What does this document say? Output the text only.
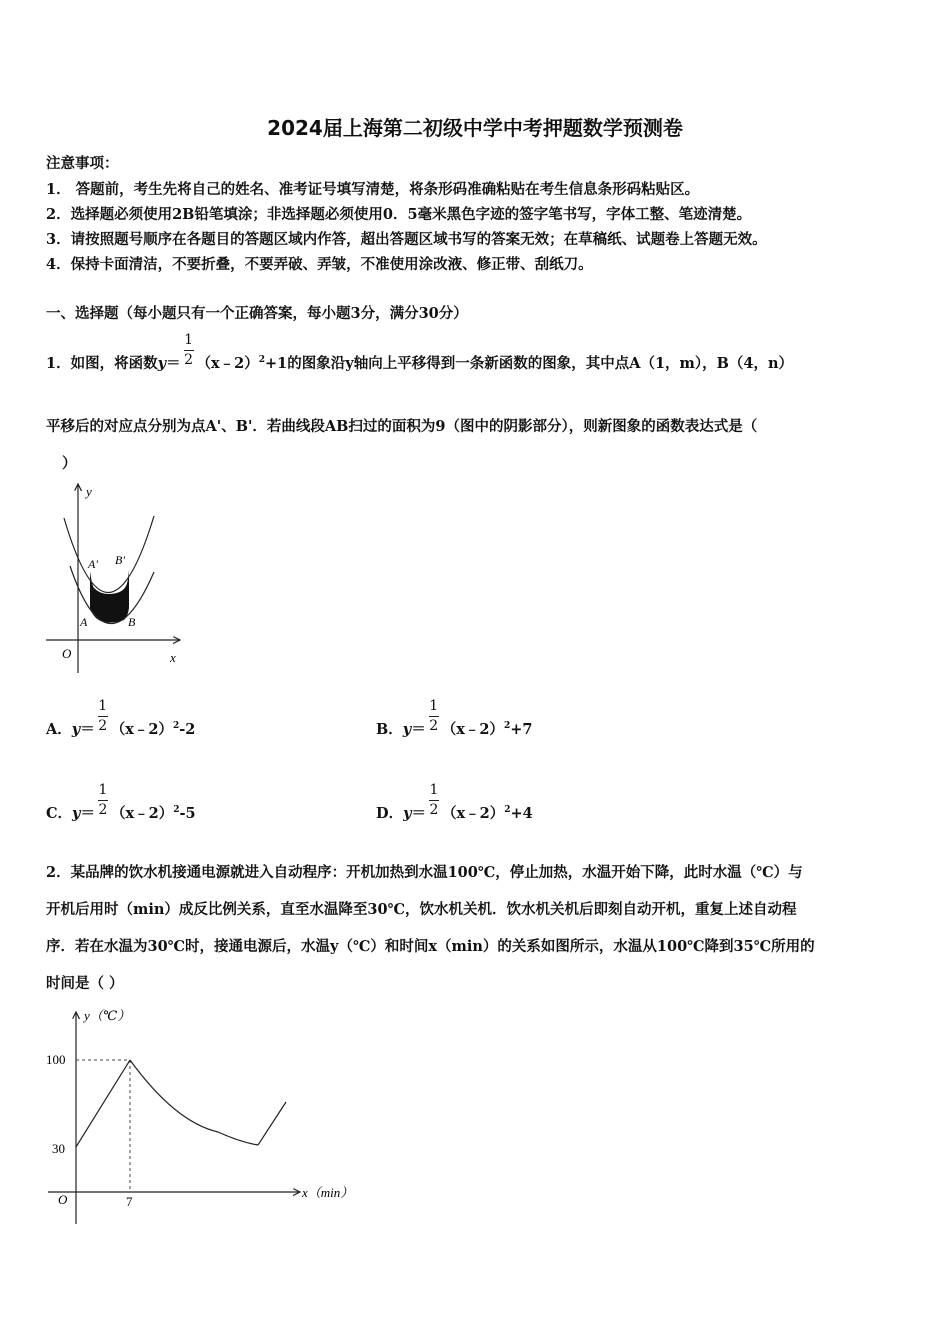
2024届上海第二初级中学中考押题数学预测卷
注意事项：
1． 答题前，考生先将自己的姓名、准考证号填写清楚，将条形码准确粘贴在考生信息条形码粘贴区。
2．选择题必须使用2B铅笔填涂；非选择题必须使用0．5毫米黑色字迹的签字笔书写，字体工整、笔迹清楚。
3．请按照题号顺序在各题目的答题区域内作答，超出答题区域书写的答案无效；在草稿纸、试题卷上答题无效。
4．保持卡面清洁，不要折叠，不要弄破、弄皱，不准使用涂改液、修正带、刮纸刀。
一、选择题（每小题只有一个正确答案，每小题3分，满分30分）
1．如图，将函数$y= \frac{1}{2}$ （x﹣2）$^2$+1的图象沿y轴向上平移得到一条新函数的图象，其中点A（1，m），B（4，n）
平移后的对应点分别为点A'、B'．若曲线段AB扫过的面积为9（图中的阴影部分），则新图象的函数表达式是（
）
y
x
O
A	B
A' B'
A．$y= \frac{1}{2}$ （x﹣2）$^2$-2	B．$y= \frac{1}{2}$ （x﹣2）$^2$+7
C．$y= \frac{1}{2}$ （x﹣2）$^2$-5	D．$y= \frac{1}{2}$ （x﹣2）$^2$+4
2．某品牌的饮水机接通电源就进入自动程序：开机加热到水温100℃，停止加热，水温开始下降，此时水温（℃）与
开机后用时（min）成反比例关系，直至水温降至30℃，饮水机关机．饮水机关机后即刻自动开机，重复上述自动程
序．若在水温为30℃时，接通电源后，水温y（℃）和时间x（min）的关系如图所示，水温从100℃降到35℃所用的
时间是（ ）
y（℃）
x（min）
O
100
30
7
